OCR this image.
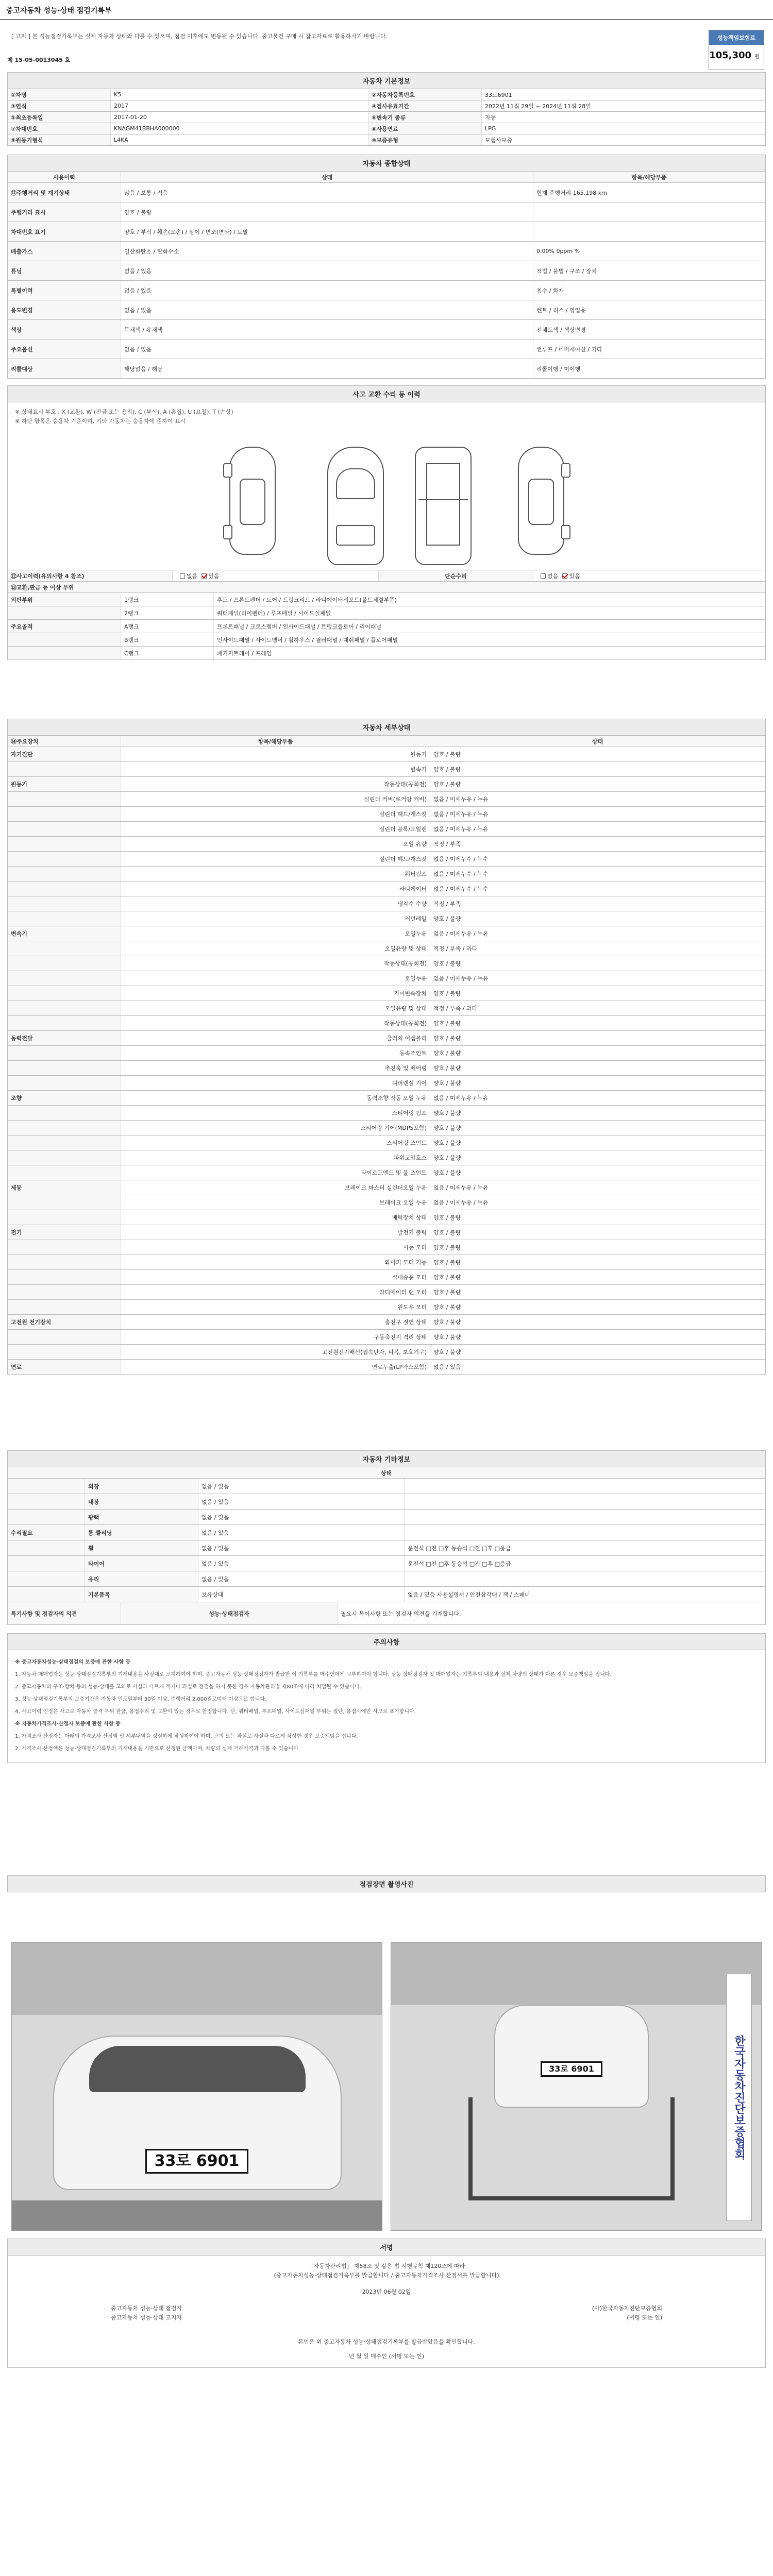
중고자동차 성능·상태 점검기록부
[ 고지 ] 본 성능점검기록부는 실제 자동차 상태와 다를 수 있으며, 점검 이후에도 변동될 수 있습니다. 중고물건 구매 시 참고자료로 활용하시기 바랍니다.	성능책임보험료
105,300 원
제 15-05-0013045 호
자동차 기본정보
①차명	K5	②자동차등록번호	33로6901
③연식	2017	④검사유효기간	2022년 11월 29일 ~ 2024년 11월 28일
⑤최초등록일	2017-01-20	⑥변속기 종류	자동
⑦차대번호	KNAGM41BBHA000000	⑧사용연료	LPG
⑨원동기형식	L4KA	⑩보증유형	보험사보증
자동차 종합상태
사용이력	상태	항목/해당부품
⑪주행거리 및 계기상태	많음 / 보통 / 적음	현재 주행거리 165,198 km
주행거리 표시	양호 / 불량
차대번호 표기	양호 / 부식 / 훼손(오손) / 상이 / 변조(변타) / 도말
배출가스	일산화탄소 / 탄화수소	0.00% 0ppm %
튜닝	없음 / 있음	적법 / 불법 / 구조 / 장치
특별이력	없음 / 있음	침수 / 화재
용도변경	없음 / 있음	렌트 / 리스 / 영업용
색상	무채색 / 유채색	전체도색 / 색상변경
주요옵션	없음 / 있음	썬루프 / 네비게이션 / 기타
리콜대상	해당없음 / 해당	리콜이행 / 미이행
사고 교환 수리 등 이력
※ 상태표시 부호 : X (교환), W (판금 또는 용접), C (부식), A (흠집), U (요철), T (손상)
※ 하단 항목은 승용차 기준이며, 기타 자동차는 승용차에 준하여 표시
⑫사고이력(유의사항 4 참조)	없음 있음	단순수리	없음 있음
⑬교환,판금 등 이상 부위
외판부위	1랭크	후드 / 프론트펜더 / 도어 / 트렁크리드 / 라디에이터서포트(볼트체결부품)
2랭크	쿼터패널(리어펜더) / 루프패널 / 사이드실패널
주요골격	A랭크	프론트패널 / 크로스멤버 / 인사이드패널 / 트렁크플로어 / 리어패널
B랭크	인사이드패널 / 사이드멤버 / 휠하우스 / 필러패널 / 대쉬패널 / 플로어패널
C랭크	패키지트레이 / 프레임
자동차 세부상태
⑭주요장치	항목/해당부품	상태
자기진단	원동기	양호 / 불량
변속기	양호 / 불량
원동기	작동상태(공회전)	양호 / 불량
실린더 커버(로커암 커버)	없음 / 미세누유 / 누유
실린더 헤드/개스킷	없음 / 미세누유 / 누유
실린더 블록/오일팬	없음 / 미세누유 / 누유
오일 유량	적정 / 부족
실린더 헤드/개스킷	없음 / 미세누수 / 누수
워터펌프	없음 / 미세누수 / 누수
라디에이터	없음 / 미세누수 / 누수
냉각수 수량	적정 / 부족
커먼레일	양호 / 불량
변속기	오일누유	없음 / 미세누유 / 누유
오일유량 및 상태	적정 / 부족 / 과다
작동상태(공회전)	양호 / 불량
오일누유	없음 / 미세누유 / 누유
기어변속장치	양호 / 불량
오일유량 및 상태	적정 / 부족 / 과다
작동상태(공회전)	양호 / 불량
동력전달	클러치 어셈블리	양호 / 불량
등속조인트	양호 / 불량
추진축 및 베어링	양호 / 불량
디퍼렌셜 기어	양호 / 불량
조향	동력조향 작동 오일 누유	없음 / 미세누유 / 누유
스티어링 펌프	양호 / 불량
스티어링 기어(MDPS포함)	양호 / 불량
스티어링 조인트	양호 / 불량
파워고압호스	양호 / 불량
타이로드엔드 및 볼 조인트	양호 / 불량
제동	브레이크 마스터 실린더오일 누유	없음 / 미세누유 / 누유
브레이크 오일 누유	없음 / 미세누유 / 누유
배력장치 상태	양호 / 불량
전기	발전기 출력	양호 / 불량
시동 모터	양호 / 불량
와이퍼 모터 기능	양호 / 불량
실내송풍 모터	양호 / 불량
라디에이터 팬 모터	양호 / 불량
윈도우 모터	양호 / 불량
고전원 전기장치	충전구 절연 상태	양호 / 불량
구동축전지 격리 상태	양호 / 불량
고전원전기배선(접속단자, 피복, 보호기구)	양호 / 불량
연료	연료누출(LP가스포함)	없음 / 있음
자동차 기타정보
상태
외장	없음 / 있음
내장	없음 / 있음
광택	없음 / 있음
수리필요	룸 클리닝	없음 / 있음
휠	없음 / 있음	운전석 □전 □후 동승석 □전 □후 □응급
타이어	없음 / 있음	운전석 □전 □후 동승석 □전 □후 □응급
유리	없음 / 있음
기본품목	보유상태	없음 / 있음 사용설명서 / 안전삼각대 / 잭 / 스패너
특기사항 및 점검자의 의견	성능·상태점검자	필요시 특이사항 또는 점검자 의견을 기재합니다.
주의사항
※ 중고자동차성능·상태점검의 보증에 관한 사항 등
1. 자동차 매매업자는 성능·상태점검기록부의 기재내용을 사실대로 고지하여야 하며, 중고자동차 성능·상태점검자가 발급한 이 기록부를 매수인에게 교부하여야 합니다. 성능·상태점검자 및 매매업자는 기록부의 내용과 실제 차량의 상태가 다른 경우 보증책임을 집니다.
2. 중고자동차의 구조·장치 등의 성능·상태를 고의로 사실과 다르게 적거나 과실로 점검을 하지 못한 경우 자동차관리법 제80조에 따라 처벌될 수 있습니다.
3. 성능·상태점검기록부의 보증기간은 자동차 인도일부터 30일 이상, 주행거리 2,000킬로미터 이상으로 합니다.
4. 사고이력 인정은 사고로 자동차 골격 부위 판금, 용접수리 및 교환이 있는 경우로 한정합니다. 단, 쿼터패널, 루프패널, 사이드실패널 부위는 절단, 용접시에만 사고로 표기합니다.
※ 자동차가격조사·산정자 보증에 관한 사항 등
1. 가격조사·산정자는 아래의 가격조사·산정액 및 세부내역을 성실하게 작성하여야 하며, 고의 또는 과실로 사실과 다르게 작성한 경우 보증책임을 집니다.
2. 가격조사·산정액은 성능·상태점검기록부의 기재내용을 기반으로 산정된 금액이며, 차량의 실제 거래가격과 다를 수 있습니다.
점검장면 촬영사진
33로 6901
33로 6901	한국자동차진단보증협회
서명
「자동차관리법」 제58조 및 같은 법 시행규칙 제120조에 따라
(중고자동차성능·상태점검기록부를 발급합니다 / 중고자동차가격조사·산정서를 발급합니다)
2023년 06월 02일
중고자동차 성능·상태 점검자
중고자동차 성능·상태 고지자
(사)한국자동차진단보증협회
(서명 또는 인)
본인은 위 중고자동차 성능·상태점검기록부를 발급받았음을 확인합니다.
년 월 일 매수인 (서명 또는 인)
